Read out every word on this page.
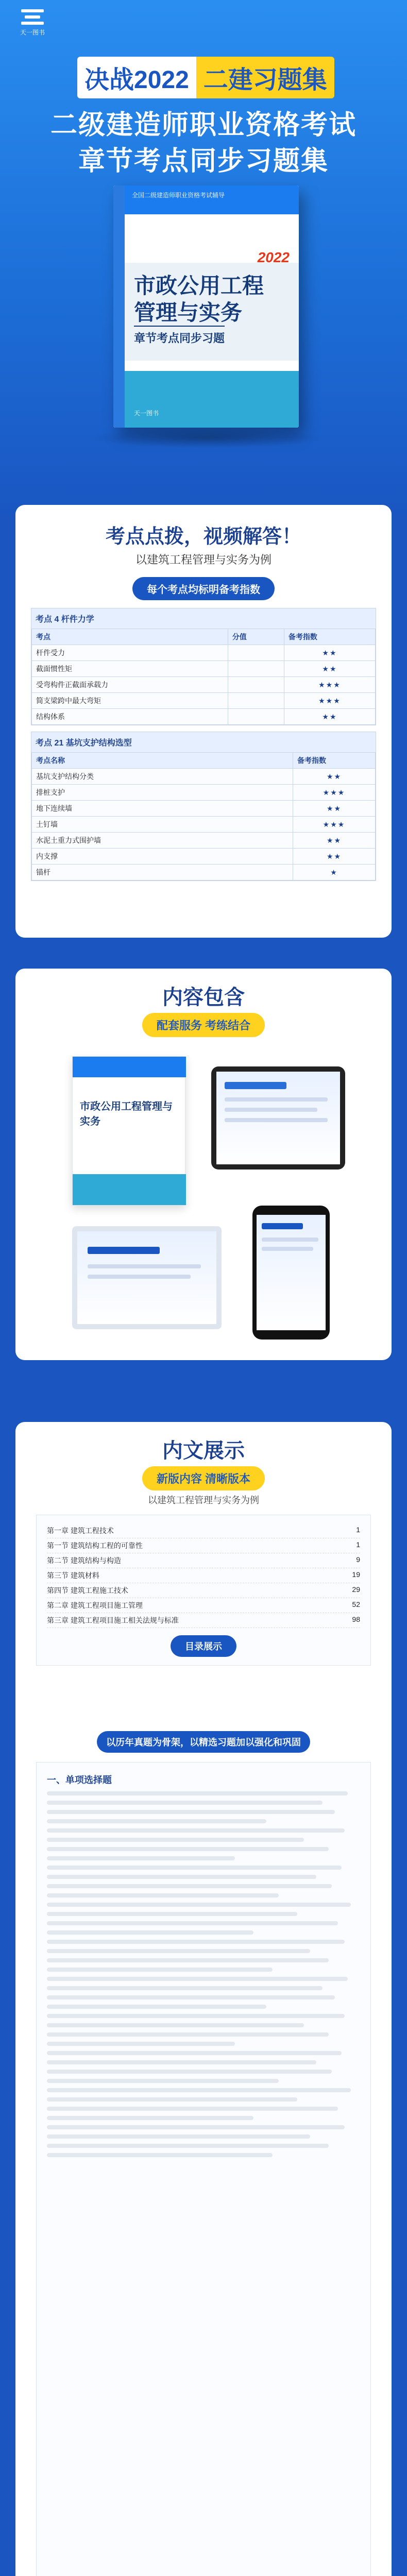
天一图书
决战2022 二建习题集
二级建造师职业资格考试
章节考点同步习题集
全国二级建造师职业资格考试辅导
2022
市政公用工程
管理与实务
章节考点同步习题
天一图书
考点点拨，视频解答！
以建筑工程管理与实务为例
每个考点均标明备考指数
考点 4 杆件力学
考点	分值	备考指数
杆件受力		★★
截面惯性矩		★★
受弯构件正截面承载力		★★★
简支梁跨中最大弯矩		★★★
结构体系		★★
考点 21 基坑支护结构选型
考点名称	备考指数
基坑支护结构分类	★★
排桩支护	★★★
地下连续墙	★★
土钉墙	★★★
水泥土重力式围护墙	★★
内支撑	★★
锚杆	★
内容包含
配套服务 考练结合
市政公用工程管理与实务
内文展示
新版内容 清晰版本
以建筑工程管理与实务为例
第一章 建筑工程技术	1
第一节 建筑结构工程的可靠性	1
第二节 建筑结构与构造	9
第三节 建筑材料	19
第四节 建筑工程施工技术	29
第二章 建筑工程项目施工管理	52
第三章 建筑工程项目施工相关法规与标准	98
目录展示
以历年真题为骨架，以精选习题加以强化和巩固
一、单项选择题
